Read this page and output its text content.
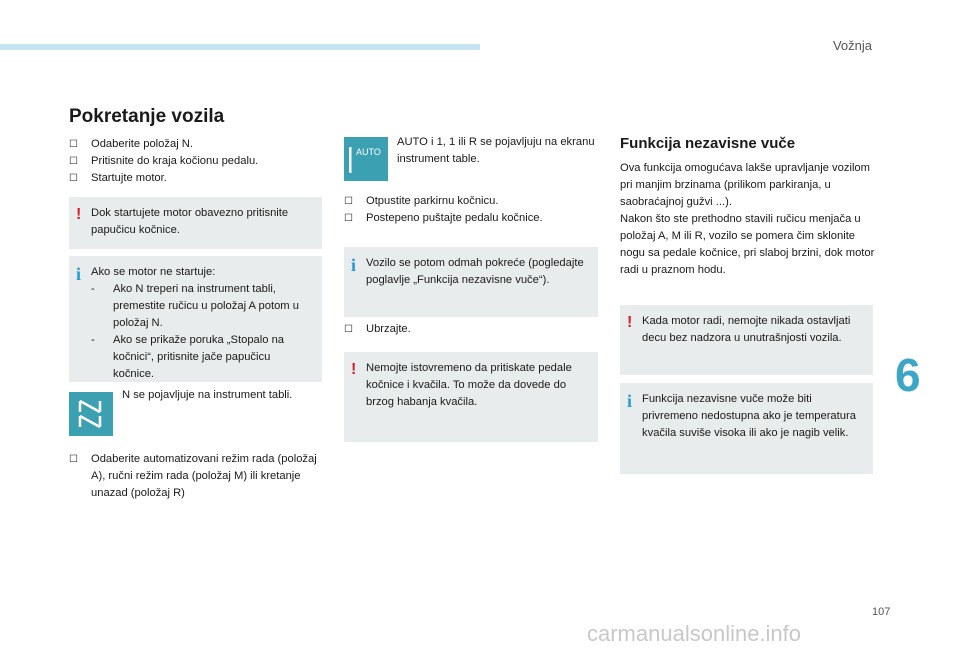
Vožnja
Pokretanje vozila
☐ Odaberite položaj N.
☐ Pritisnite do kraja kočionu pedalu.
☐ Startujte motor.
! Dok startujete motor obavezno pritisnite papučicu kočnice.
i Ako se motor ne startuje:
- Ako N treperi na instrument tabli, premestite ručicu u položaj A potom u položaj N.
- Ako se prikaže poruka „Stopalo na kočnici“, pritisnite jače papučicu kočnice.
N se pojavljuje na instrument tabli.
☐ Odaberite automatizovani režim rada (položaj A), ručni režim rada (položaj M) ili kretanje unazad (položaj R)
AUTO
AUTO i 1, 1 ili R se pojavljuju na ekranu instrument table.
☐ Otpustite parkirnu kočnicu.
☐ Postepeno puštajte pedalu kočnice.
i Vozilo se potom odmah pokreće (pogledajte poglavlje „Funkcija nezavisne vuče“).
☐ Ubrzajte.
! Nemojte istovremeno da pritiskate pedale kočnice i kvačila. To može da dovede do brzog habanja kvačila.
Funkcija nezavisne vuče
Ova funkcija omogućava lakše upravljanje vozilom pri manjim brzinama (prilikom parkiranja, u saobraćajnoj gužvi ...).
Nakon što ste prethodno stavili ručicu menjača u položaj A, M ili R, vozilo se pomera čim sklonite nogu sa pedale kočnice, pri slaboj brzini, dok motor radi u praznom hodu.
! Kada motor radi, nemojte nikada ostavljati decu bez nadzora u unutrašnjosti vozila.
i Funkcija nezavisne vuče može biti privremeno nedostupna ako je temperatura kvačila suviše visoka ili ako je nagib velik.
6
107
carmanualsonline.info
